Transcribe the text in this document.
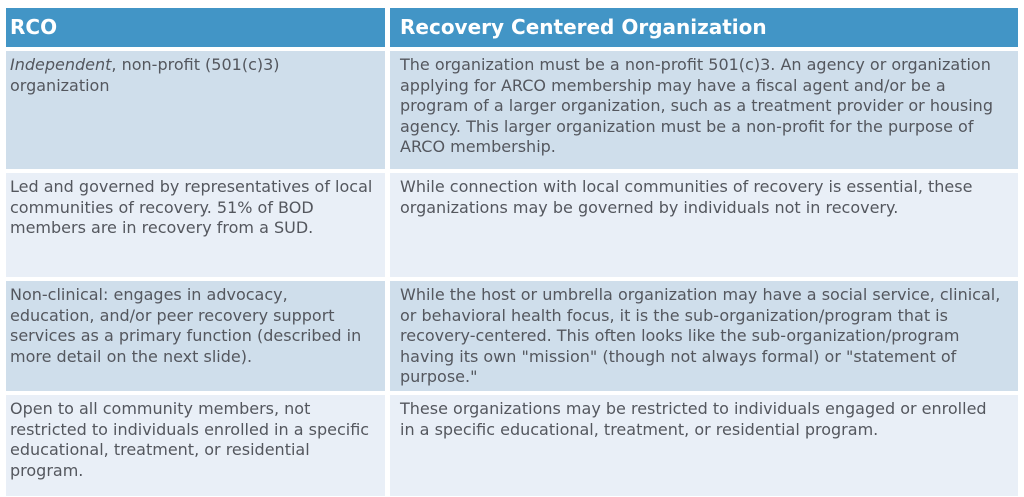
RCO	Recovery Centered Organization
Independent, non-profit (501(c)3) organization
The organization must be a non-profit 501(c)3. An agency or organization applying for ARCO membership may have a fiscal agent and/or be a program of a larger organization, such as a treatment provider or housing agency. This larger organization must be a non-profit for the purpose of ARCO membership.
Led and governed by representatives of local communities of recovery. 51% of BOD members are in recovery from a SUD.
While connection with local communities of recovery is essential, these organizations may be governed by individuals not in recovery.
Non-clinical: engages in advocacy, education, and/or peer recovery support services as a primary function (described in more detail on the next slide).
While the host or umbrella organization may have a social service, clinical, or behavioral health focus, it is the sub-organization/program that is recovery-centered. This often looks like the sub-organization/program having its own "mission" (though not always formal) or "statement of purpose."
Open to all community members, not restricted to individuals enrolled in a specific educational, treatment, or residential program.
These organizations may be restricted to individuals engaged or enrolled in a specific educational, treatment, or residential program.
